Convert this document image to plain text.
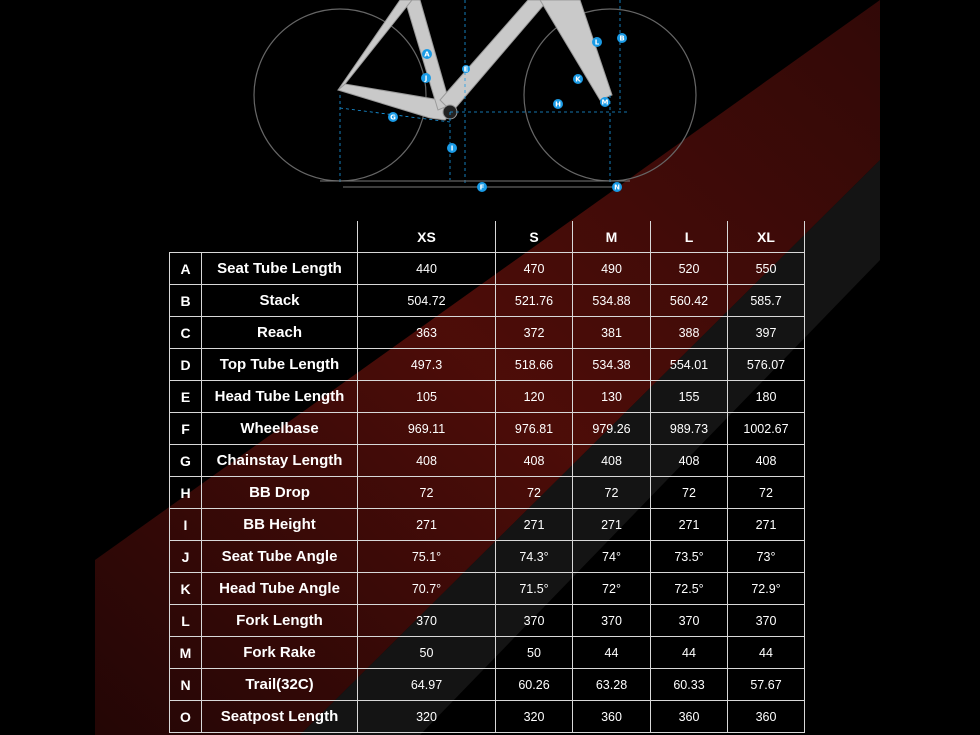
A
J
G
I
F
E
K
H
L	B
M
N
		XS	S	M	L	XL
A	Seat Tube Length	440	470	490	520	550
B	Stack	504.72	521.76	534.88	560.42	585.7
C	Reach	363	372	381	388	397
D	Top Tube Length	497.3	518.66	534.38	554.01	576.07
E	Head Tube Length	105	120	130	155	180
F	Wheelbase	969.11	976.81	979.26	989.73	1002.67
G	Chainstay Length	408	408	408	408	408
H	BB Drop	72	72	72	72	72
I	BB Height	271	271	271	271	271
J	Seat Tube Angle	75.1°	74.3°	74°	73.5°	73°
K	Head Tube Angle	70.7°	71.5°	72°	72.5°	72.9°
L	Fork Length	370	370	370	370	370
M	Fork Rake	50	50	44	44	44
N	Trail(32C)	64.97	60.26	63.28	60.33	57.67
O	Seatpost Length	320	320	360	360	360
